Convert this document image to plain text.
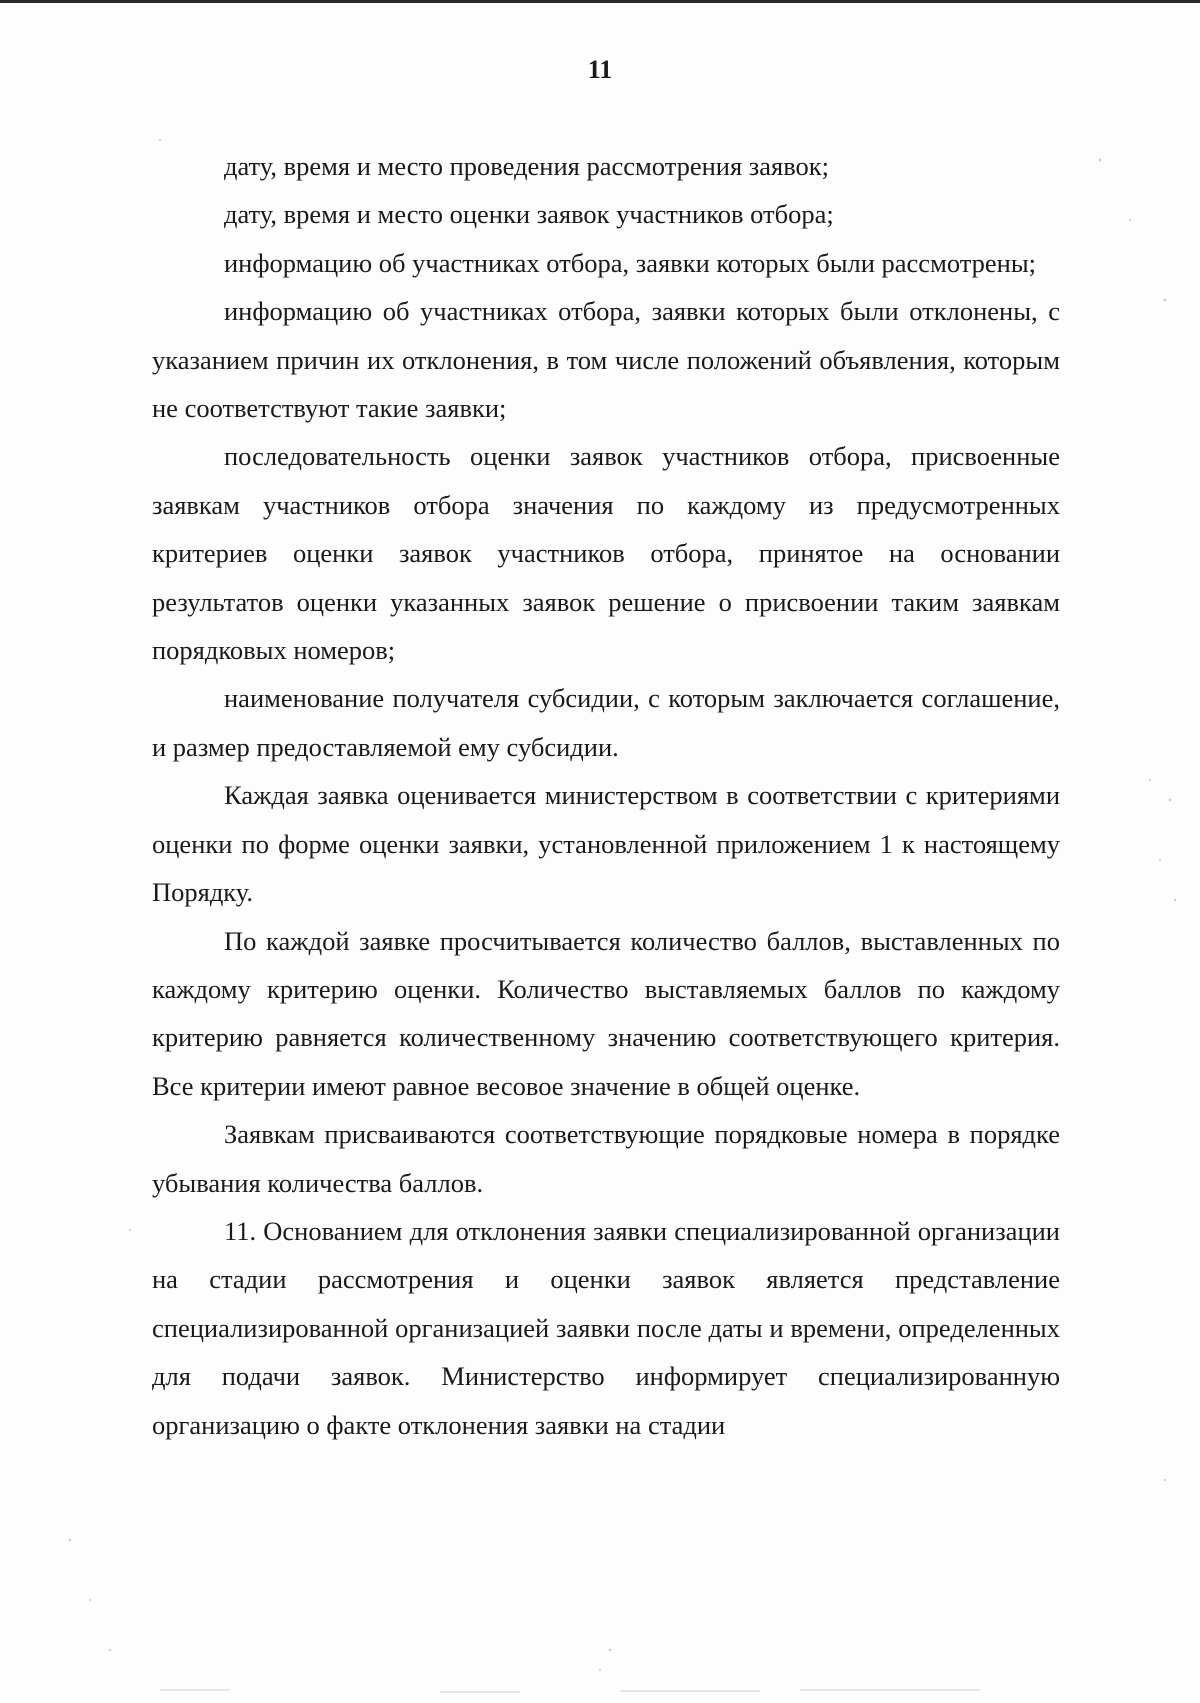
11

дату, время и место проведения рассмотрения заявок;

дату, время и место оценки заявок участников отбора;

информацию об участниках отбора, заявки которых были рассмотрены;

информацию об участниках отбора, заявки которых были отклонены, с указанием причин их отклонения, в том числе положений объявления, которым не соответствуют такие заявки;

последовательность оценки заявок участников отбора, присвоенные заявкам участников отбора значения по каждому из предусмотренных критериев оценки заявок участников отбора, принятое на основании результатов оценки указанных заявок решение о присвоении таким заявкам порядковых номеров;

наименование получателя субсидии, с которым заключается соглашение, и размер предоставляемой ему субсидии.

Каждая заявка оценивается министерством в соответствии с критериями оценки по форме оценки заявки, установленной приложением 1 к настоящему Порядку.

По каждой заявке просчитывается количество баллов, выставленных по каждому критерию оценки. Количество выставляемых баллов по каждому критерию равняется количественному значению соответствующего критерия. Все критерии имеют равное весовое значение в общей оценке.

Заявкам присваиваются соответствующие порядковые номера в порядке убывания количества баллов.

11. Основанием для отклонения заявки специализированной организации на стадии рассмотрения и оценки заявок является представление специализированной организацией заявки после даты и времени, определенных для подачи заявок. Министерство информирует специализированную организацию о факте отклонения заявки на стадии
